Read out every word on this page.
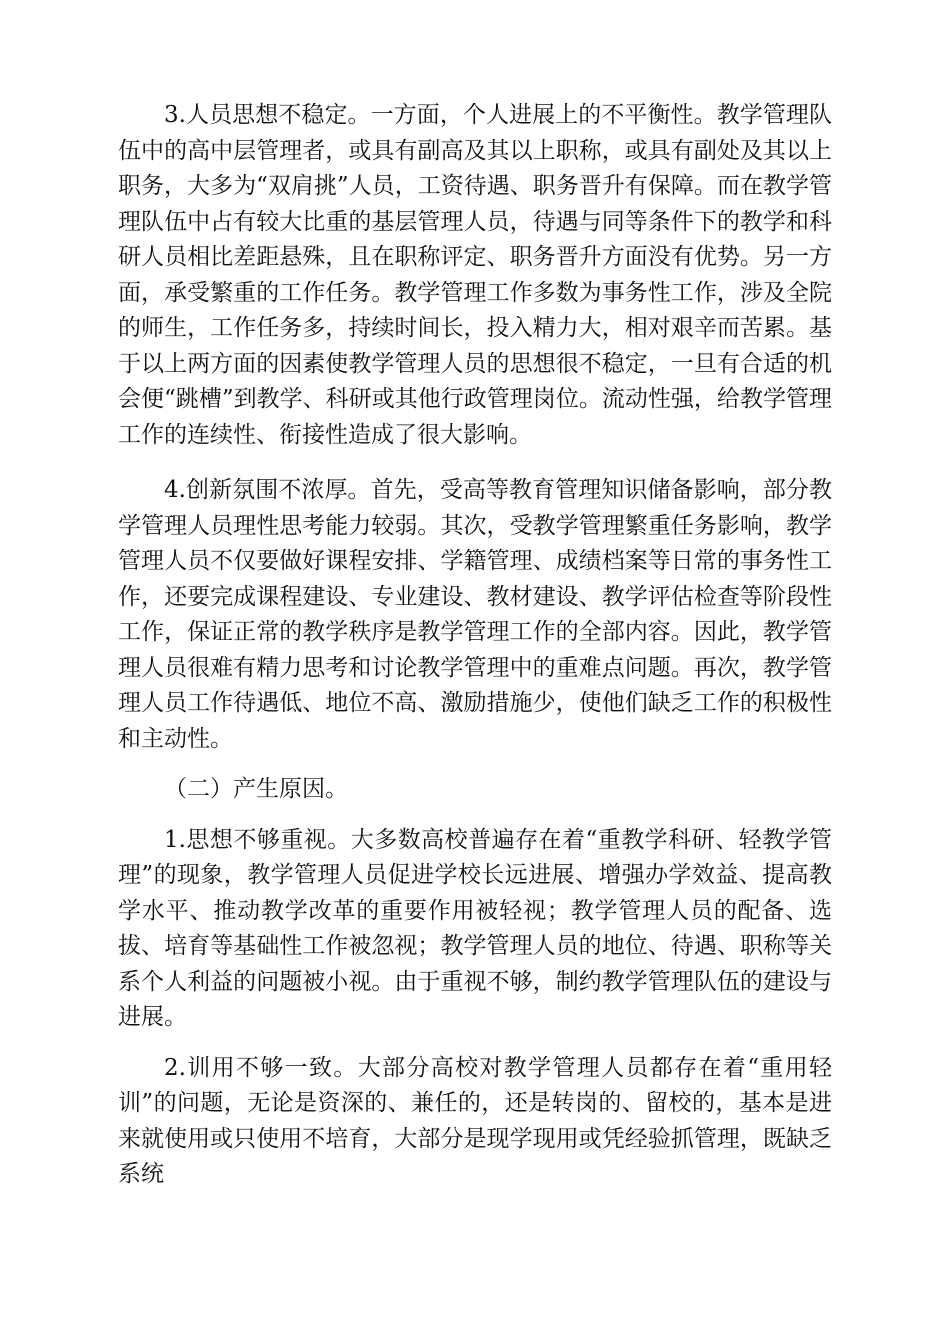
3.人员思想不稳定。一方面，个人进展上的不平衡性。教学管理队伍中的高中层管理者，或具有副高及其以上职称，或具有副处及其以上职务，大多为“双肩挑”人员，工资待遇、职务晋升有保障。而在教学管理队伍中占有较大比重的基层管理人员，待遇与同等条件下的教学和科研人员相比差距悬殊，且在职称评定、职务晋升方面没有优势。另一方面，承受繁重的工作任务。教学管理工作多数为事务性工作，涉及全院的师生，工作任务多，持续时间长，投入精力大，相对艰辛而苦累。基于以上两方面的因素使教学管理人员的思想很不稳定，一旦有合适的机会便“跳槽”到教学、科研或其他行政管理岗位。流动性强，给教学管理工作的连续性、衔接性造成了很大影响。

4.创新氛围不浓厚。首先，受高等教育管理知识储备影响，部分教学管理人员理性思考能力较弱。其次，受教学管理繁重任务影响，教学管理人员不仅要做好课程安排、学籍管理、成绩档案等日常的事务性工作，还要完成课程建设、专业建设、教材建设、教学评估检查等阶段性工作，保证正常的教学秩序是教学管理工作的全部内容。因此，教学管理人员很难有精力思考和讨论教学管理中的重难点问题。再次，教学管理人员工作待遇低、地位不高、激励措施少，使他们缺乏工作的积极性和主动性。

（二）产生原因。

1.思想不够重视。大多数高校普遍存在着“重教学科研、轻教学管理”的现象，教学管理人员促进学校长远进展、增强办学效益、提高教学水平、推动教学改革的重要作用被轻视；教学管理人员的配备、选拔、培育等基础性工作被忽视；教学管理人员的地位、待遇、职称等关系个人利益的问题被小视。由于重视不够，制约教学管理队伍的建设与进展。

2.训用不够一致。大部分高校对教学管理人员都存在着“重用轻训”的问题，无论是资深的、兼任的，还是转岗的、留校的，基本是进来就使用或只使用不培育，大部分是现学现用或凭经验抓管理，既缺乏系统
